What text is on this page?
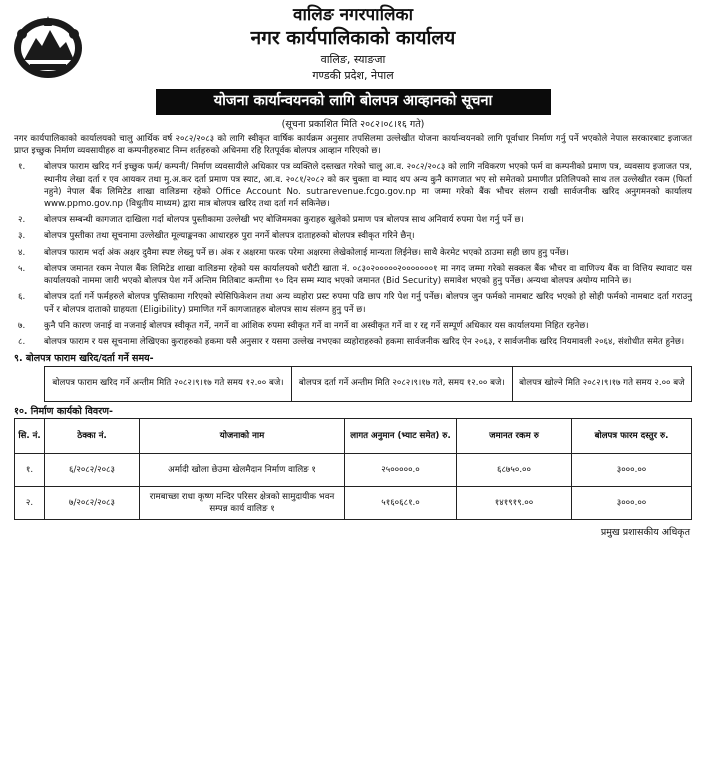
वालिङ नगरपालिका
नगर कार्यपालिकाको कार्यालय
वालिङ, स्याङजा
गण्डकी प्रदेश, नेपाल
योजना कार्यान्वयनको लागि बोलपत्र आव्हानको सूचना
(सूचना प्रकाशित मिति २०८२।०८।१६ गते)
नगर कार्यपालिकाको कार्यालयको चालु आर्थिक वर्ष २०८२/२०८३ को लागि स्वीकृत वार्षिक कार्यक्रम अनुसार तपसिलमा उल्लेखीत योजना कार्यान्वयनको लागि पूर्वाधार निर्माण गर्नु पर्ने भएकोले नेपाल सरकारबाट इजाजत प्राप्त इच्छुक निर्माण व्यवसायीहरु वा कम्पनीहरुबाट निम्न शर्तहरुको अधिनमा रहि रितपूर्वक बोलपत्र आव्हान गरिएको छ।
१.	बोलपत्र फाराम खरिद गर्न इच्छुक फर्म/ कम्पनी/ निर्माण व्यवसायीले अधिकार पत्र व्यक्तिले दस्तखत गरेको चालु आ.व. २०८२/२०८३ को लागि नविकरण भएको फर्म वा कम्पनीको प्रमाण पत्र, व्यवसाय इजाजत पत्र, स्थानीय लेखा दर्ता र एव आयकर तथा मु.अ.कर दर्ता प्रमाण पत्र स्याट, आ.व. २०८१/२०८२ को कर चुक्ता वा म्याद थप अन्य कुनै कागजात भए सो समेतको प्रमाणीत प्रतिलिपको साथ तल उल्लेखीत रकम (फिर्ता नहुने) नेपाल बैंक लिमिटेड शाखा वालिङमा रहेको Office Account No. sutrarevenue.fcgo.gov.np मा जम्मा गरेको बैंक भौचर संलग्न राखी सार्वजनीक खरिद अनुगमनको कार्यालय www.ppmo.gov.np (विधुतीय माध्यम) द्वारा मात्र बोलपत्र खरिद तथा दर्ता गर्न सकिनेछ।
२.	बोलपत्र सम्बन्धी कागजात दाखिला गर्दा बोलपत्र पुस्तीकामा उल्लेखी भए बोजिममका कुराहरु खुलेको प्रमाण पत्र बोलपत्र साथ अनिवार्य रुपमा पेश गर्नु पर्ने छ।
३.	बोलपत्र पुस्तीका तथा सूचनामा उल्लेखीत मूल्याङ्कनका आधारहरु पुरा नगर्ने बोलपत्र दाताहरुको बोलपत्र स्वीकृत गरिने छैन्।
४.	बोलपत्र फाराम भर्दा अंक अक्षर दुवैमा स्पष्ट लेख्नु पर्ने छ। अंक र अक्षरमा फरक परेमा अक्षरमा लेखेकोलाई मान्यता लिईनेछ। साथै केरमेट भएको ठाउमा सही छाप हुनु पर्नेछ।
५.	बोलपत्र जमानत रकम नेपाल बैंक लिमिटेड शाखा वालिङमा रहेको यस कार्यालयको धरौटी खाता नं. ०८३०२०००००२०००००००१ मा नगद जम्मा गरेको सक्कल बैंक भौचर वा वाणिज्य बैंक वा वित्तिय स्थावाट यस कार्यालयको नाममा जारी भएको बोलपत्र पेश गर्ने अन्तिम मितिबाट कम्तीमा ९० दिन सम्म म्याद भएको जमानत (Bid Security) समावेश भएको हुनु पर्नेछ। अन्यथा बोलपत्र अयोग्य मानिने छ।
६.	बोलपत्र दर्ता गर्ने फर्महरुले बोलपत्र पुस्तिकामा गरिएको स्पेसिफिकेशन तथा अन्य व्यहोरा प्रस्ट रुपमा पढि छाप गरि पेश गर्नु पर्नेछ। बोलपत्र जुन फर्मको नामबाट खरिद भएको हो सोही फर्मको नामबाट दर्ता गराउनु पर्ने र बोलपत्र दाताको ग्राहयता (Eligibility) प्रमाणित गर्ने कागजातहरु बोलपत्र साथ संलग्न हुनु पर्ने छ।
७.	कुनै पनि कारण जनाई वा नजनाई बोलपत्र स्वीकृत गर्ने, नगर्ने वा आंशिक रुपमा स्वीकृत गर्ने वा नगर्ने वा अस्वीकृत गर्ने वा र रद्द गर्ने सम्पूर्ण अधिकार यस कार्यालयमा निहित रहनेछ।
८.	बोलपत्र फाराम र यस सूचनामा लेखिएका कुराहरुको हकमा यसै अनुसार र यसमा उल्लेख नभएका व्यहोराहरुको हकमा सार्वजनीक खरिद ऐन २०६३, र सार्वजनीक खरिद नियमावली २०६४, संशोधीत समेत हुनेछ।
९. बोलपत्र फाराम खरिद/दर्ता गर्ने समय-
बोलपत्र फाराम खरिद गर्ने अन्तीम मिति २०८२।९।१७ गते समय १२.०० बजे।	बोलपत्र दर्ता गर्ने अन्तीम मिति २०८२।९।१७ गते, समय १२.०० बजे।	बोलपत्र खोल्ने मिति २०८२।९।१७ गते समय २.०० बजे
१०. निर्माण कार्यको विवरण-
सि. नं.	ठेक्का नं.	योजनाको नाम	लागत अनुमान (भ्याट समेत) रु.	जमानत रकम रु	बोलपत्र फारम दस्तुर रु.
१.	६/२०८२/२०८३	अर्मादी खोला छेउमा खेलमैदान निर्माण वालिङ १	२५०००००.०	६८७५०.००	३०००.००
२.	७/२०८२/२०८३	रामबाच्छा राधा कृष्ण मन्दिर परिसर क्षेत्रको सामुदायीक भवन सम्पन्न कार्य वालिङ १	५१६०६८१.०	१४१९१९.००	३०००.००
प्रमुख प्रशासकीय अधिकृत
